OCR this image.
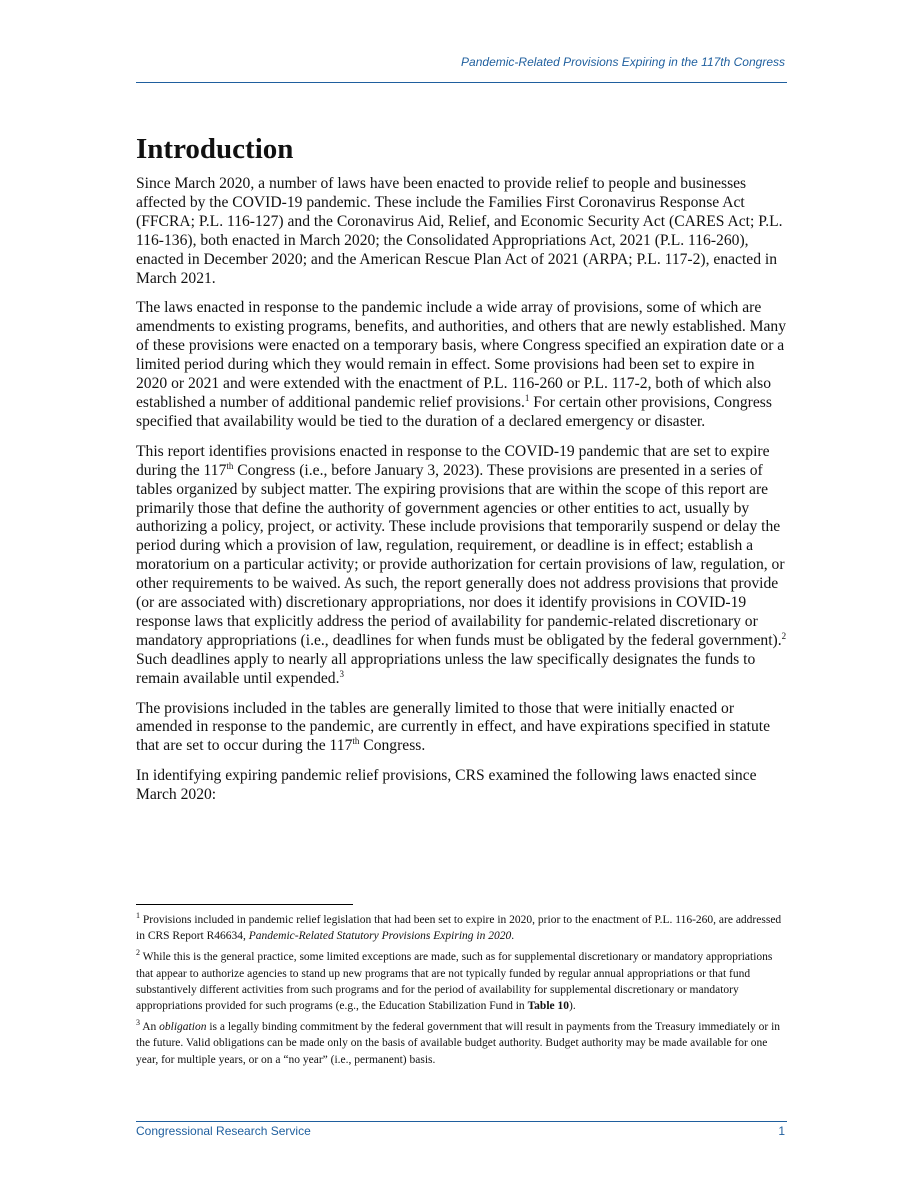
Pandemic-Related Provisions Expiring in the 117th Congress
Introduction

Since March 2020, a number of laws have been enacted to provide relief to people and businesses affected by the COVID-19 pandemic. These include the Families First Coronavirus Response Act (FFCRA; P.L. 116-127) and the Coronavirus Aid, Relief, and Economic Security Act (CARES Act; P.L. 116-136), both enacted in March 2020; the Consolidated Appropriations Act, 2021 (P.L. 116-260), enacted in December 2020; and the American Rescue Plan Act of 2021 (ARPA; P.L. 117-2), enacted in March 2021.

The laws enacted in response to the pandemic include a wide array of provisions, some of which are amendments to existing programs, benefits, and authorities, and others that are newly established. Many of these provisions were enacted on a temporary basis, where Congress specified an expiration date or a limited period during which they would remain in effect. Some provisions had been set to expire in 2020 or 2021 and were extended with the enactment of P.L. 116-260 or P.L. 117-2, both of which also established a number of additional pandemic relief provisions.$^1$ For certain other provisions, Congress specified that availability would be tied to the duration of a declared emergency or disaster.

This report identifies provisions enacted in response to the COVID-19 pandemic that are set to expire during the 117th Congress (i.e., before January 3, 2023). These provisions are presented in a series of tables organized by subject matter. The expiring provisions that are within the scope of this report are primarily those that define the authority of government agencies or other entities to act, usually by authorizing a policy, project, or activity. These include provisions that temporarily suspend or delay the period during which a provision of law, regulation, requirement, or deadline is in effect; establish a moratorium on a particular activity; or provide authorization for certain provisions of law, regulation, or other requirements to be waived. As such, the report generally does not address provisions that provide (or are associated with) discretionary appropriations, nor does it identify provisions in COVID-19 response laws that explicitly address the period of availability for pandemic-related discretionary or mandatory appropriations (i.e., deadlines for when funds must be obligated by the federal government).$^2$ Such deadlines apply to nearly all appropriations unless the law specifically designates the funds to remain available until expended.$^3$

The provisions included in the tables are generally limited to those that were initially enacted or amended in response to the pandemic, are currently in effect, and have expirations specified in statute that are set to occur during the 117th Congress.

In identifying expiring pandemic relief provisions, CRS examined the following laws enacted since March 2020:

$^1$ Provisions included in pandemic relief legislation that had been set to expire in 2020, prior to the enactment of P.L. 116-260, are addressed in CRS Report R46634, Pandemic-Related Statutory Provisions Expiring in 2020.

$^2$ While this is the general practice, some limited exceptions are made, such as for supplemental discretionary or mandatory appropriations that appear to authorize agencies to stand up new programs that are not typically funded by regular annual appropriations or that fund substantively different activities from such programs and for the period of availability for supplemental discretionary or mandatory appropriations provided for such programs (e.g., the Education Stabilization Fund in Table 10).

$^3$ An obligation is a legally binding commitment by the federal government that will result in payments from the Treasury immediately or in the future. Valid obligations can be made only on the basis of available budget authority. Budget authority may be made available for one year, for multiple years, or on a “no year” (i.e., permanent) basis.

Congressional Research Service	1
